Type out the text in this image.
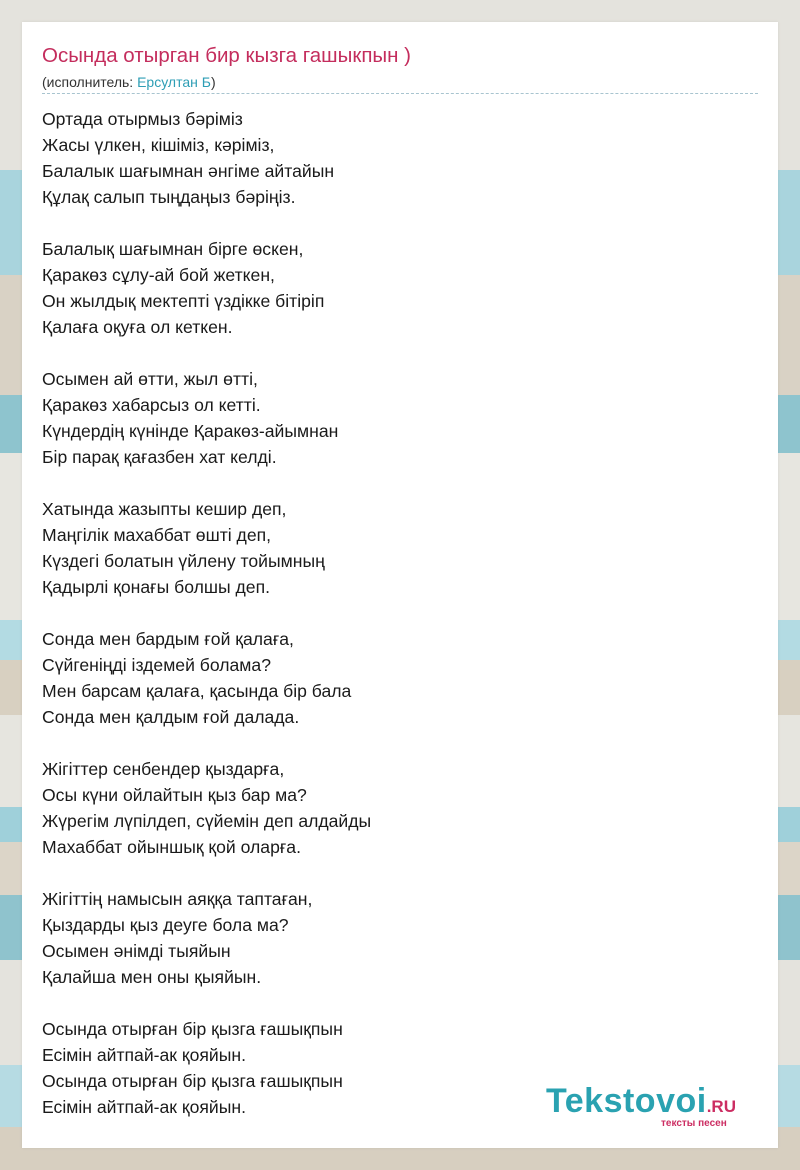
Осында отырган бир кызга гашыкпын )
(исполнитель: Ерсултан Б)
Ортада отырмыз бәріміз
Жасы үлкен, кішіміз, кәріміз,
Балалык шағымнан әнгіме айтайын
Құлақ салып тыңдаңыз бәріңіз.
Балалық шағымнан бірге өскен,
Қаракөз сұлу-ай бой жеткен,
Он жылдық мектепті үздікке бітіріп
Қалаға оқуға ол кеткен.
Осымен ай өтти, жыл өтті,
Қаракөз хабарсыз ол кетті.
Күндердің күнінде Қаракөз-айымнан
Бір парақ қағазбен хат келді.
Хатында жазыпты кешир деп,
Маңгілік махаббат өшті деп,
Күздегі болатын үйлену тойымның
Қадырлі қонағы болшы деп.
Сонда мен бардым ғой қалаға,
Сүйгеніңді іздемей болама?
Мен барсам қалаға, қасында бір бала
Сонда мен қалдым ғой далада.
Жігіттер сенбендер қыздарға,
Осы күни ойлайтын қыз бар ма?
Жүрегім лүпілдеп, сүйемін деп алдайды
Махаббат ойыншық қой оларға.
Жігіттің намысын аяққа таптаған,
Қыздарды қыз деуге бола ма?
Осымен әнімді тыяйын
Қалайша мен оны қыяйын.
Осында отырған бір қызга ғашықпын
Есімін айтпай-ак қояйын.
Осында отырған бір қызга ғашықпын
Есімін айтпай-ак қояйын.	Tekstovoi.RU
тексты песен
